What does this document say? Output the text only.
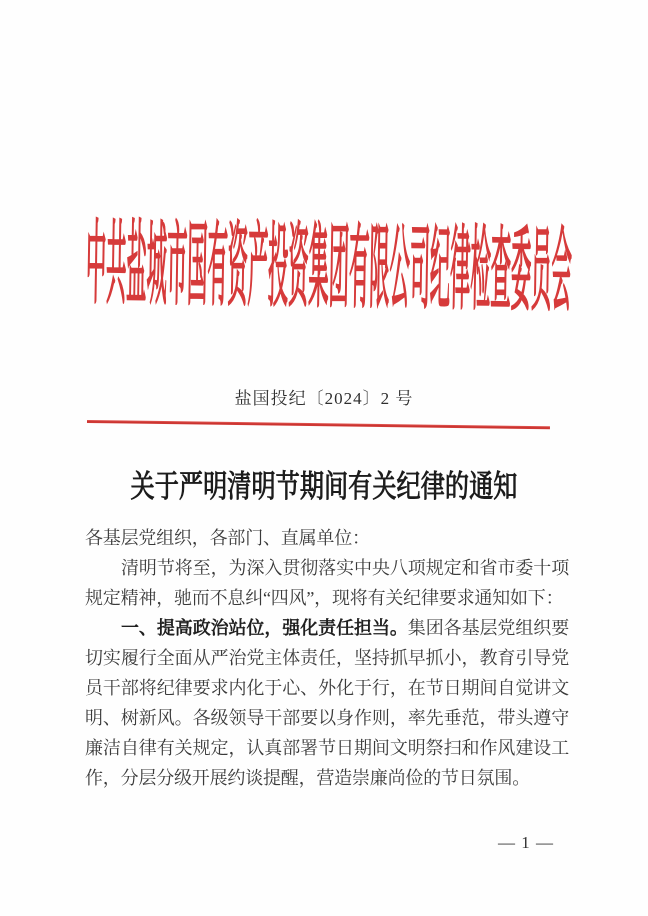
中共盐城市国有资产投资集团有限公司纪律检查委员会
盐国投纪〔2024〕2 号
关于严明清明节期间有关纪律的通知

各基层党组织，各部门、直属单位：

清明节将至，为深入贯彻落实中央八项规定和省市委十项规定精神，驰而不息纠“四风”，现将有关纪律要求通知如下：

一、提高政治站位，强化责任担当。集团各基层党组织要切实履行全面从严治党主体责任，坚持抓早抓小，教育引导党员干部将纪律要求内化于心、外化于行，在节日期间自觉讲文明、树新风。各级领导干部要以身作则，率先垂范，带头遵守廉洁自律有关规定，认真部署节日期间文明祭扫和作风建设工作，分层分级开展约谈提醒，营造崇廉尚俭的节日氛围。

— 1 —
